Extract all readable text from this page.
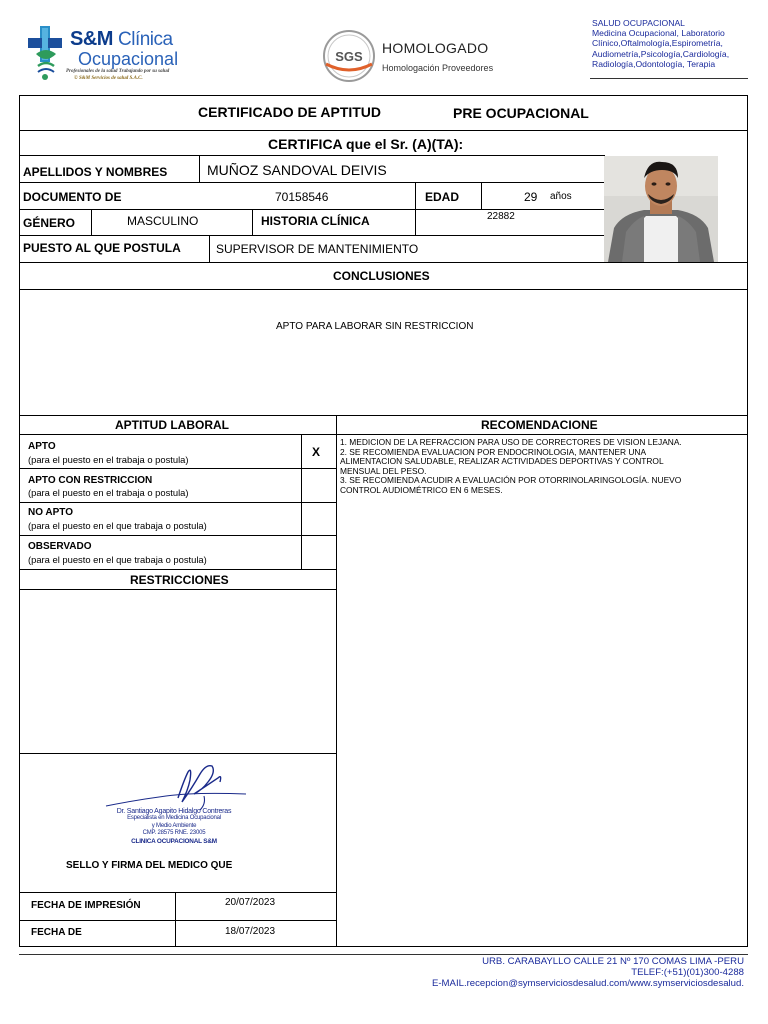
S&M Clínica
Ocupacional
Profesionales de la salud Trabajando por su salud
© S&M Servicios de salud S.A.C.
SGS
HOMOLOGADO
Homologación Proveedores
SALUD OCUPACIONAL
Medicina Ocupacional, Laboratorio
Clínico,Oftalmología,Espirometría,
Audiometría,Psicología,Cardiología,
Radiología,Odontología, Terapia
CERTIFICADO DE APTITUD	PRE OCUPACIONAL
CERTIFICA que el Sr. (A)(TA):
APELLIDOS Y NOMBRES	MUÑOZ SANDOVAL DEIVIS
DOCUMENTO DE	70158546	EDAD	29 años
GÉNERO	MASCULINO	HISTORIA CLÍNICA	22882
PUESTO AL QUE POSTULA	SUPERVISOR DE MANTENIMIENTO
CONCLUSIONES
APTO PARA LABORAR SIN RESTRICCION
APTITUD LABORAL	RECOMENDACIONE
APTO
(para el puesto en el trabaja o postula)
X
APTO CON RESTRICCION
(para el puesto en el trabaja o postula)
NO APTO
(para el puesto en el que trabaja o postula)
OBSERVADO
(para el puesto en el que trabaja o postula)
1. MEDICION DE LA REFRACCION PARA USO DE CORRECTORES DE VISION LEJANA.
2. SE RECOMIENDA EVALUACION POR ENDOCRINOLOGIA, MANTENER UNA
ALIMENTACION SALUDABLE, REALIZAR ACTIVIDADES DEPORTIVAS Y CONTROL
MENSUAL DEL PESO.
3. SE RECOMIENDA ACUDIR A EVALUACIÓN POR OTORRINOLARINGOLOGÍA. NUEVO
CONTROL AUDIOMÉTRICO EN 6 MESES.
RESTRICCIONES
Dr. Santiago Agapito Hidalgo Contreras
Especialista en Medicina Ocupacional
y Medio Ambiente
CMP. 28575 RNE. 23005
CLINICA OCUPACIONAL S&M
SELLO Y FIRMA DEL MEDICO QUE
FECHA DE IMPRESIÓN	20/07/2023
FECHA DE	18/07/2023
URB. CARABAYLLO CALLE 21 Nº 170 COMAS LIMA -PERU
TELEF:(+51)(01)300-4288
E-MAIL.recepcion@symserviciosdesalud.com/www.symserviciosdesalud.
